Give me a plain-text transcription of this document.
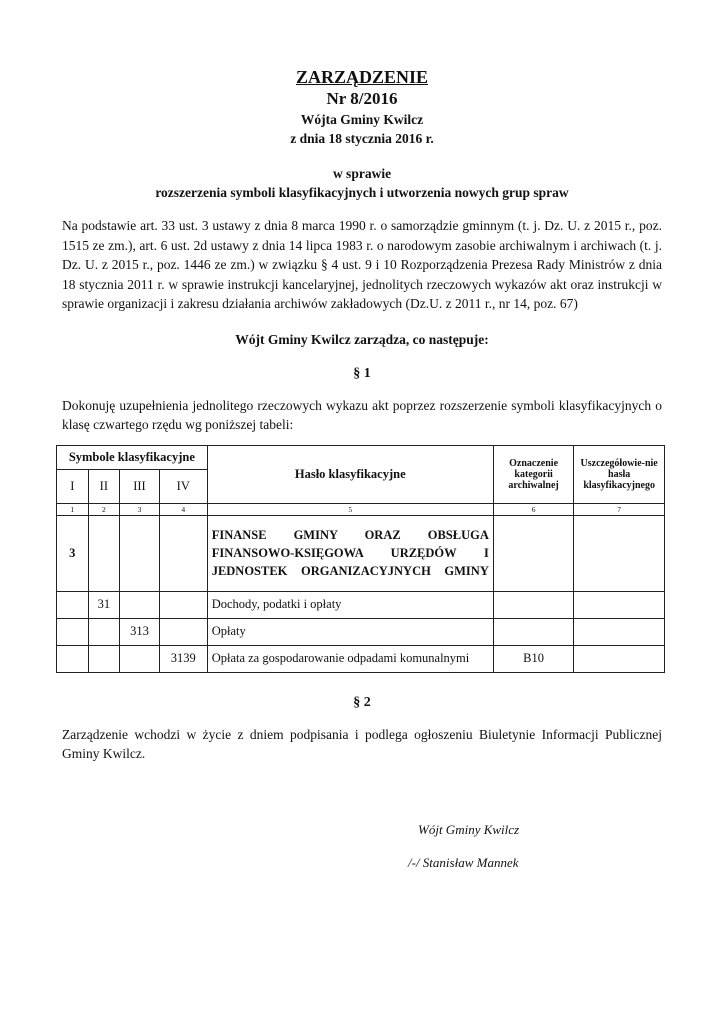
ZARZĄDZENIE

Nr 8/2016

Wójta Gminy Kwilcz

z dnia 18 stycznia 2016 r.

w sprawie

rozszerzenia symboli klasyfikacyjnych i utworzenia nowych grup spraw

Na podstawie art. 33 ust. 3 ustawy z dnia 8 marca 1990 r. o samorządzie gminnym (t. j. Dz. U. z 2015 r., poz. 1515 ze zm.), art. 6 ust. 2d ustawy z dnia 14 lipca 1983 r. o narodowym zasobie archiwalnym i archiwach (t. j. Dz. U. z 2015 r., poz. 1446 ze zm.) w związku § 4 ust. 9 i 10 Rozporządzenia Prezesa Rady Ministrów z dnia 18 stycznia 2011 r. w sprawie instrukcji kancelaryjnej, jednolitych rzeczowych wykazów akt oraz instrukcji w sprawie organizacji i zakresu działania archiwów zakładowych (Dz.U. z 2011 r., nr 14, poz. 67)

Wójt Gminy Kwilcz zarządza, co następuje:

§ 1

Dokonuję uzupełnienia jednolitego rzeczowych wykazu akt poprzez rozszerzenie symboli klasyfikacyjnych o klasę czwartego rzędu wg poniższej tabeli:

Symbole klasyfikacyjne				Hasło klasyfikacyjne	Oznaczenie kategorii archiwalnej	Uszczegółowie-nie hasła klasyfikacyjnego
I	II	III	IV			
1	2	3	4	5	6	7
3				FINANSE GMINY ORAZ OBSŁUGA FINANSOWO-KSIĘGOWA URZĘDÓW I JEDNOSTEK ORGANIZACYJNYCH GMINY		
	31			Dochody, podatki i opłaty		
		313		Opłaty		
			3139	Opłata za gospodarowanie odpadami komunalnymi	B10	

§ 2

Zarządzenie wchodzi w życie z dniem podpisania i podlega ogłoszeniu Biuletynie Informacji Publicznej Gminy Kwilcz.

Wójt Gminy Kwilcz
/-/ Stanisław Mannek
